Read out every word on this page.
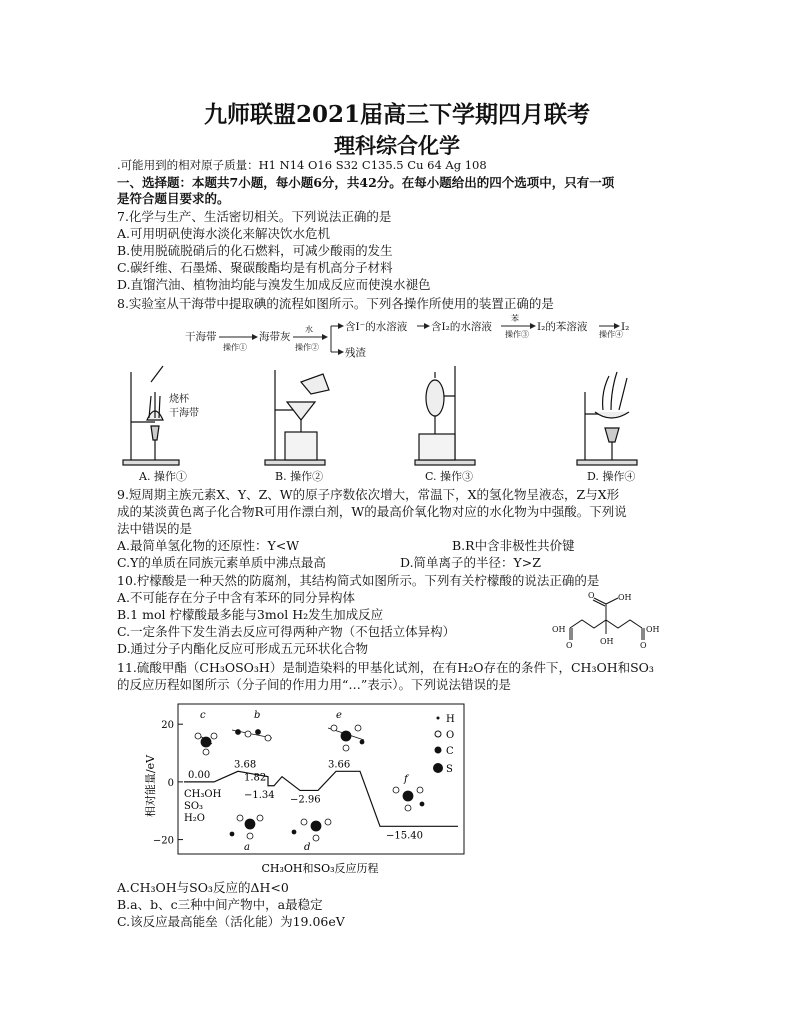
九师联盟2021届高三下学期四月联考
理科综合化学
.可能用到的相对原子质量：H1 N14 O16 S32 C135.5 Cu 64 Ag 108
一、选择题：本题共7小题，每小题6分，共42分。在每小题给出的四个选项中，只有一项
是符合题目要求的。
7.化学与生产、生活密切相关。下列说法正确的是
A.可用明矾使海水淡化来解决饮水危机
B.使用脱硫脱硝后的化石燃料，可减少酸雨的发生
C.碳纤维、石墨烯、聚碳酸酯均是有机高分子材料
D.直馏汽油、植物油均能与溴发生加成反应而使溴水褪色
8.实验室从干海带中提取碘的流程如图所示。下列各操作所使用的装置正确的是
干海带
操作①
海带灰
水
操作②
含I⁻的水溶液 含I₂的水溶液
苯
操作③
I₂的苯溶液
操作④
I₂
残渣
烧杯
干海带
A. 操作①	B. 操作②	C. 操作③	D. 操作④
9.短周期主族元素X、Y、Z、W的原子序数依次增大，常温下，X的氢化物呈液态，Z与X形
成的某淡黄色离子化合物R可用作漂白剂，W的最高价氧化物对应的水化物为中强酸。下列说
法中错误的是
A.最简单氢化物的还原性：Y<W	B.R中含非极性共价键
C.Y的单质在同族元素单质中沸点最高	D.简单离子的半径：Y>Z
10.柠檬酸是一种天然的防腐剂，其结构简式如图所示。下列有关柠檬酸的说法正确的是
A.不可能存在分子中含有苯环的同分异构体
B.1 mol 柠檬酸最多能与3mol H₂发生加成反应
C.一定条件下发生消去反应可得两种产物（不包括立体异构）
D.通过分子内酯化反应可形成五元环状化合物
O	OH
OH
O	OH
OH
O
11.硫酸甲酯（CH₃OSO₃H）是制造染料的甲基化试剂，在有H₂O存在的条件下，CH₃OH和SO₃
的反应历程如图所示（分子间的作用力用“…”表示）。下列说法错误的是
相对能量/eV
CH₃OH和SO₃反应历程
−20
0
20
0.00
−1.34 −2.96
−15.40
3.68
1.82
3.66
CH₃OH
SO₃
H₂O
c	b	e
f
a	d
H
O
C
S
A.CH₃OH与SO₃反应的ΔH<0
B.a、b、c三种中间产物中，a最稳定
C.该反应最高能垒（活化能）为19.06eV
